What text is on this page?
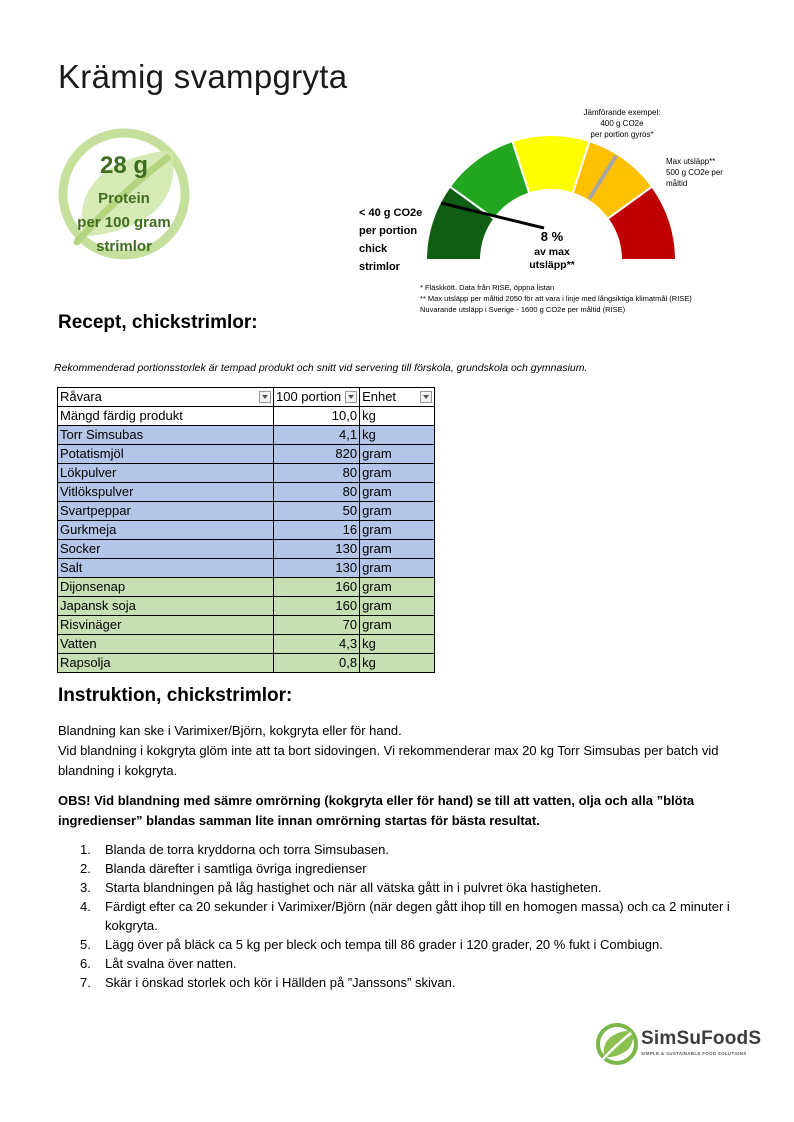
Krämig svampgryta
28 g
Protein
per 100 gram
strimlor
< 40 g CO2e
per portion
chick
strimlor
Jämförande exempel:
400 g CO2e
per portion gyros*
Max utsläpp**
500 g CO2e per
måltid
8 %
av max
utsläpp**
* Fläskkött. Data från RISE, öppna listan
** Max utsläpp per måltid 2050 för att vara i linje med långsiktiga klimatmål (RISE)
Nuvarande utsläpp i Sverige - 1600 g CO2e per måltid (RISE)
Recept, chickstrimlor:
Rekommenderad portionsstorlek är tempad produkt och snitt vid servering till förskola, grundskola och gymnasium.
Råvara	100 portion	Enhet

Mängd färdig produkt	10,0	kg
Torr Simsubas	4,1	kg
Potatismjöl	820	gram
Lökpulver	80	gram
Vitlökspulver	80	gram
Svartpeppar	50	gram
Gurkmeja	16	gram
Socker	130	gram
Salt	130	gram
Dijonsenap	160	gram
Japansk soja	160	gram
Risvinäger	70	gram
Vatten	4,3	kg
Rapsolja	0,8	kg
Instruktion, chickstrimlor:
Blandning kan ske i Varimixer/Björn, kokgryta eller för hand.
Vid blandning i kokgryta glöm inte att ta bort sidovingen. Vi rekommenderar max 20 kg Torr Simsubas per batch vid blandning i kokgryta.
OBS! Vid blandning med sämre omrörning (kokgryta eller för hand) se till att vatten, olja och alla ”blöta ingredienser” blandas samman lite innan omrörning startas för bästa resultat.
1. Blanda de torra kryddorna och torra Simsubasen.
2. Blanda därefter i samtliga övriga ingredienser
3. Starta blandningen på låg hastighet och när all vätska gått in i pulvret öka hastigheten.
4. Färdigt efter ca 20 sekunder i Varimixer/Björn (när degen gått ihop till en homogen massa) och ca 2 minuter i kokgryta.
5. Lägg över på bläck ca 5 kg per bleck och tempa till 86 grader i 120 grader, 20 % fukt i Combiugn.
6. Låt svalna över natten.
7. Skär i önskad storlek och kör i Hällden på ”Janssons” skivan.
SimSuFoodS
SIMPLE & SUSTAINABLE FOOD SOLUTIONS
